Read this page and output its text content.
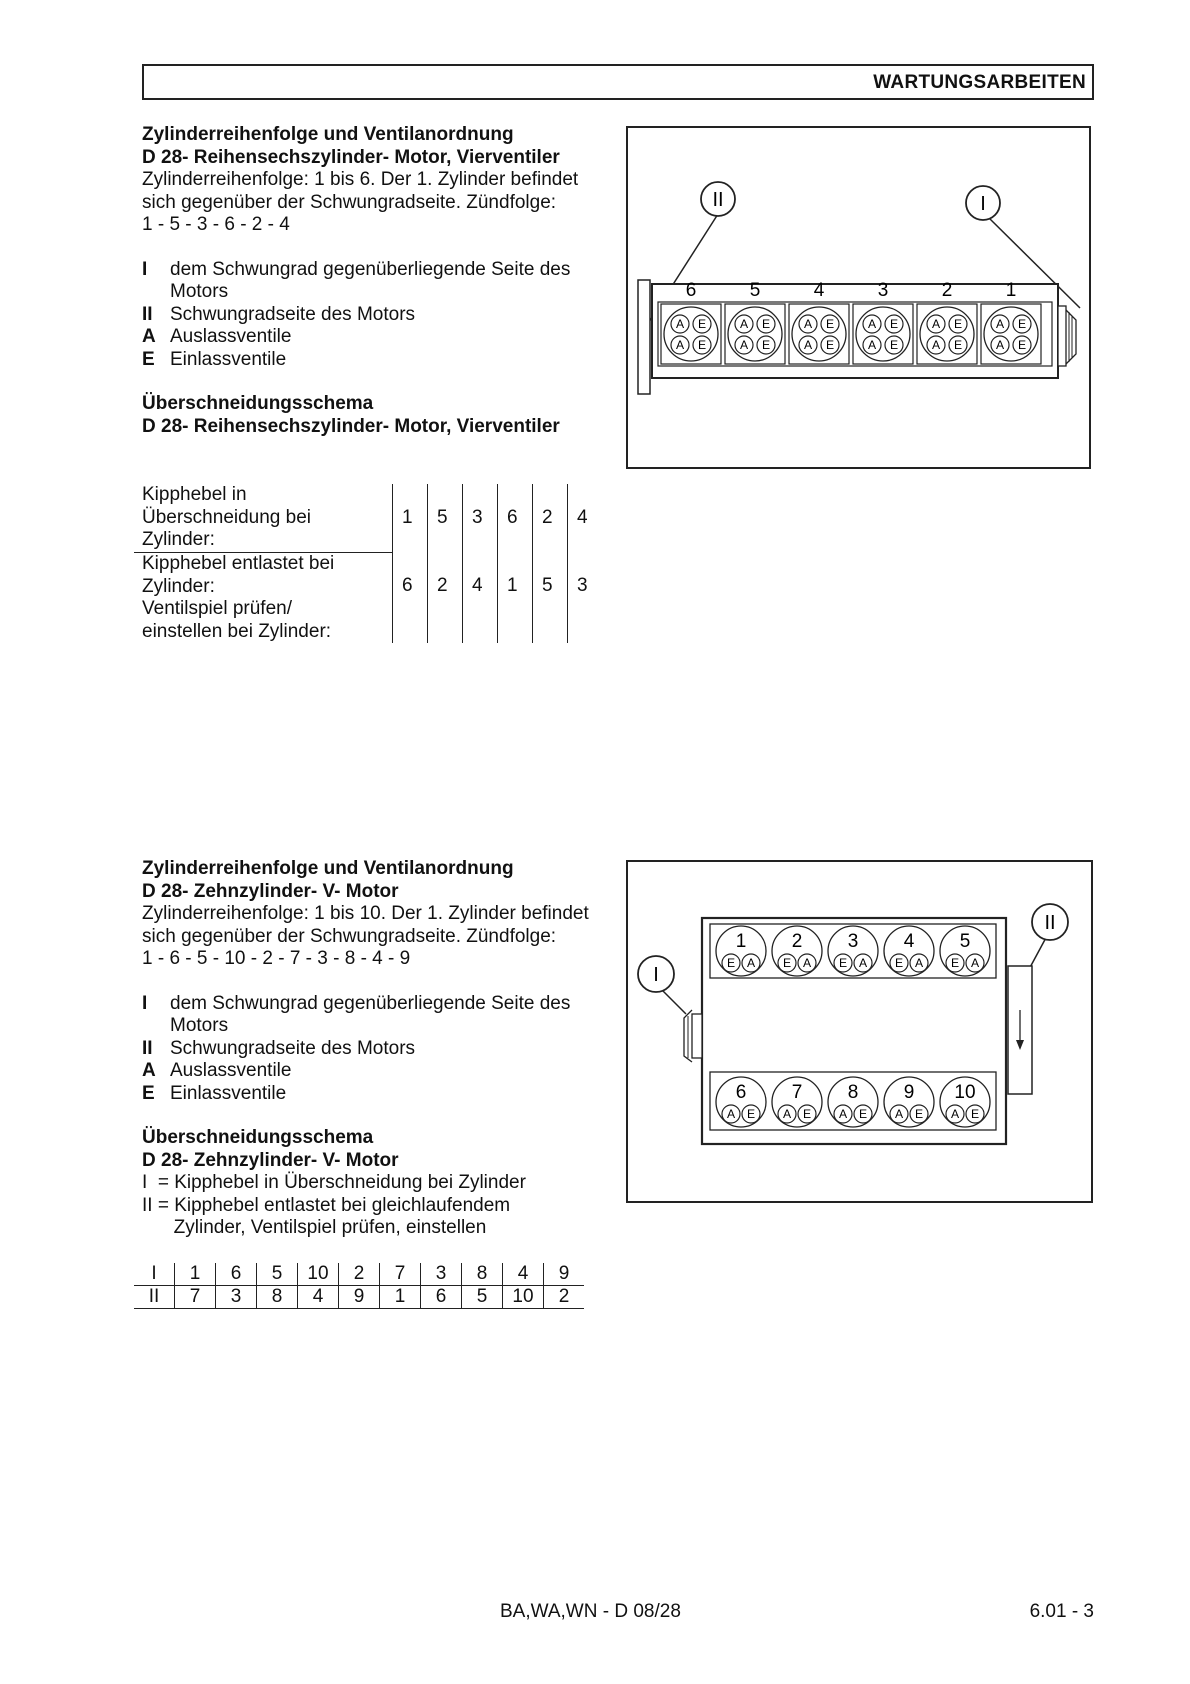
WARTUNGSARBEITEN
Zylinderreihenfolge und Ventilanordnung
D 28- Reihensechszylinder- Motor, Vierventiler
Zylinderreihenfolge: 1 bis 6. Der 1. Zylinder befindet
sich gegenüber der Schwungradseite. Zündfolge:
1 - 5 - 3 - 6 - 2 - 4
I	dem Schwungrad gegenüberliegende Seite des
Motors
II Schwungradseite des Motors
A Auslassventile
E Einlassventile
Überschneidungsschema
D 28- Reihensechszylinder- Motor, Vierventiler
Kipphebel in
Überschneidung bei
Zylinder:	1	5	3	6	2	4
Kipphebel entlastet bei
Zylinder:
Ventilspiel prüfen/
einstellen bei Zylinder:	6	2	4	1	5	3
II	I
6
A E
A E
5
A E
A E
4
A E
A E
3
A E
A E
2
A E
A E
1
A E
A E
Zylinderreihenfolge und Ventilanordnung
D 28- Zehnzylinder- V- Motor
Zylinderreihenfolge: 1 bis 10. Der 1. Zylinder befindet
sich gegenüber der Schwungradseite. Zündfolge:
1 - 6 - 5 - 10 - 2 - 7 - 3 - 8 - 4 - 9
I	dem Schwungrad gegenüberliegende Seite des
Motors
II Schwungradseite des Motors
A Auslassventile
E Einlassventile
Überschneidungsschema
D 28- Zehnzylinder- V- Motor
I  = Kipphebel in Überschneidung bei Zylinder
II = Kipphebel entlastet bei gleichlaufendem
Zylinder, Ventilspiel prüfen, einstellen
I	1	6	5	10	2	7	3	8	4	9
II	7	3	8	4	9	1	6	5	10	2
I
II
1
E A
2
E A
3
E A
4
E A
5
E A
6
A E
7
A E
8
A E
9
A E
10
A E
BA,WA,WN - D 08/28	6.01 - 3
